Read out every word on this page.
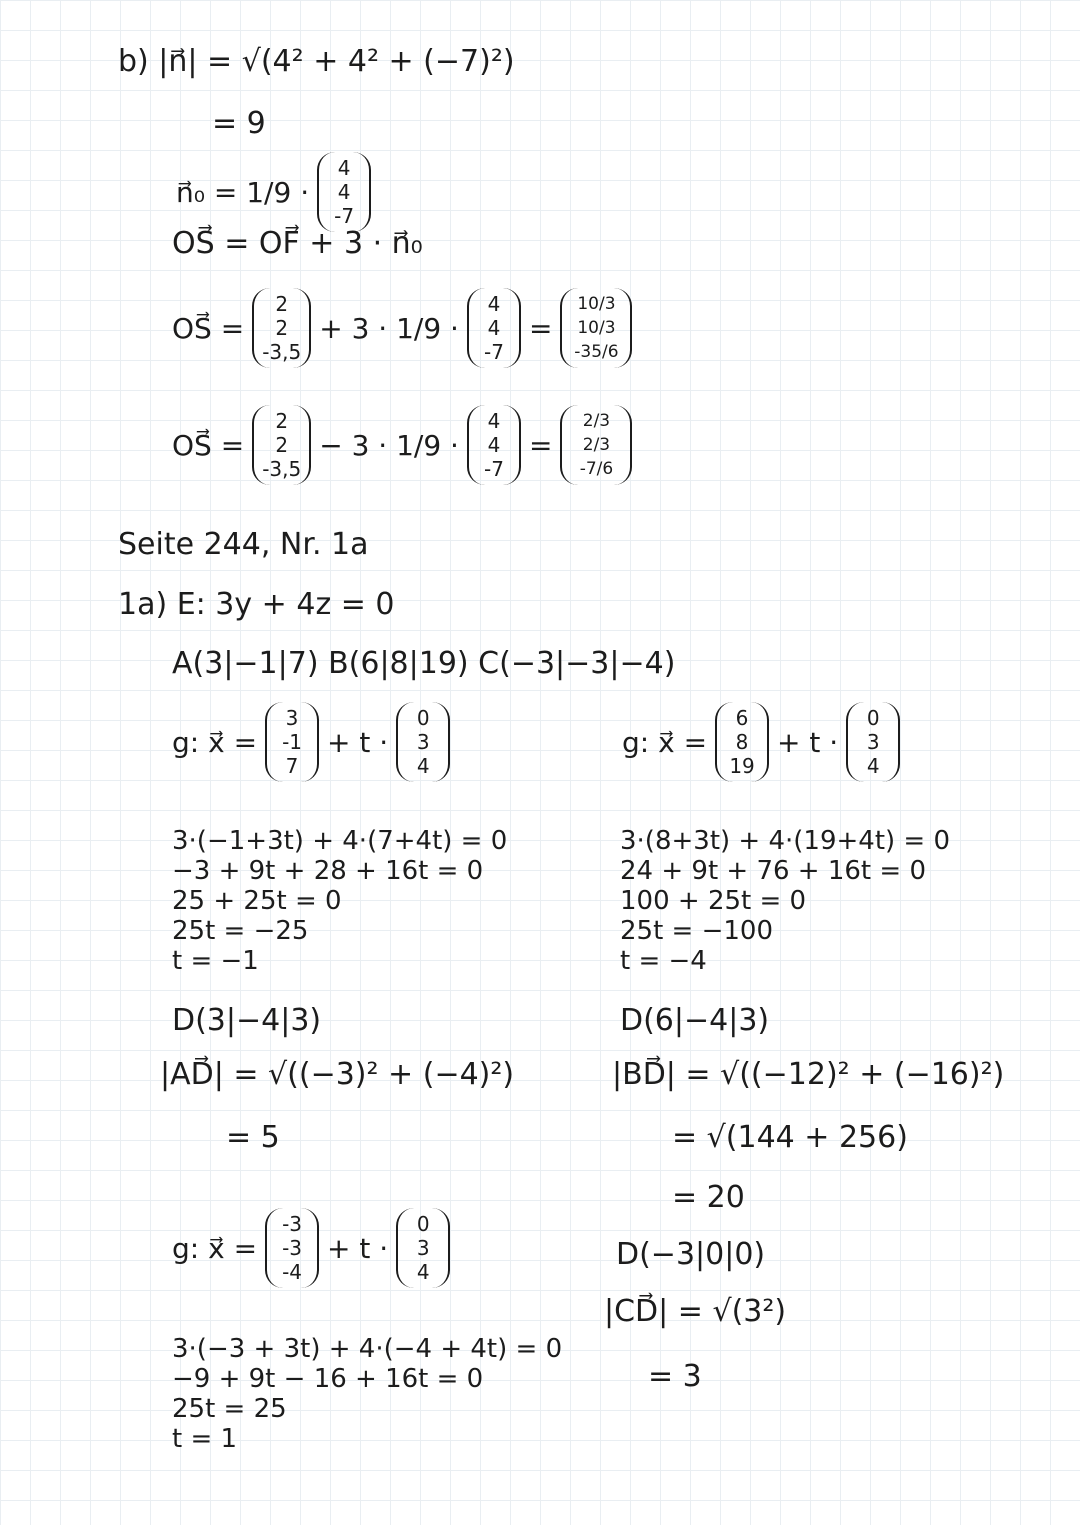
b) |n⃗| = √(4² + 4² + (−7)²)
= 9
n⃗₀ = 1/9 ·
4
4
-7
OS⃗ = OF⃗ + 3 · n⃗₀
OS⃗ =
2
2
-3,5
+ 3 · 1/9 ·
4
4
-7
=
10/3
10/3
-35/6
OS⃗ =
2
2
-3,5
− 3 · 1/9 ·
4
4
-7
=
2/3
2/3
-7/6
Seite 244, Nr. 1a
1a) E: 3y + 4z = 0
A(3|−1|7) B(6|8|19) C(−3|−3|−4)
g: x⃗ =
3
-1
7
+ t ·
0
3
4
3·(−1+3t) + 4·(7+4t) = 0
−3 + 9t + 28 + 16t = 0
25 + 25t = 0
25t = −25
t = −1
D(3|−4|3)
|AD⃗| = √((−3)² + (−4)²)
= 5
g: x⃗ =
-3
-3
-4
+ t ·
0
3
4
3·(−3 + 3t) + 4·(−4 + 4t) = 0
−9 + 9t − 16 + 16t = 0
25t = 25
t = 1
g: x⃗ =
6
8
19
+ t ·
0
3
4
3·(8+3t) + 4·(19+4t) = 0
24 + 9t + 76 + 16t = 0
100 + 25t = 0
25t = −100
t = −4
D(6|−4|3)
|BD⃗| = √((−12)² + (−16)²)
= √(144 + 256)
= 20
D(−3|0|0)
|CD⃗| = √(3²)
= 3
